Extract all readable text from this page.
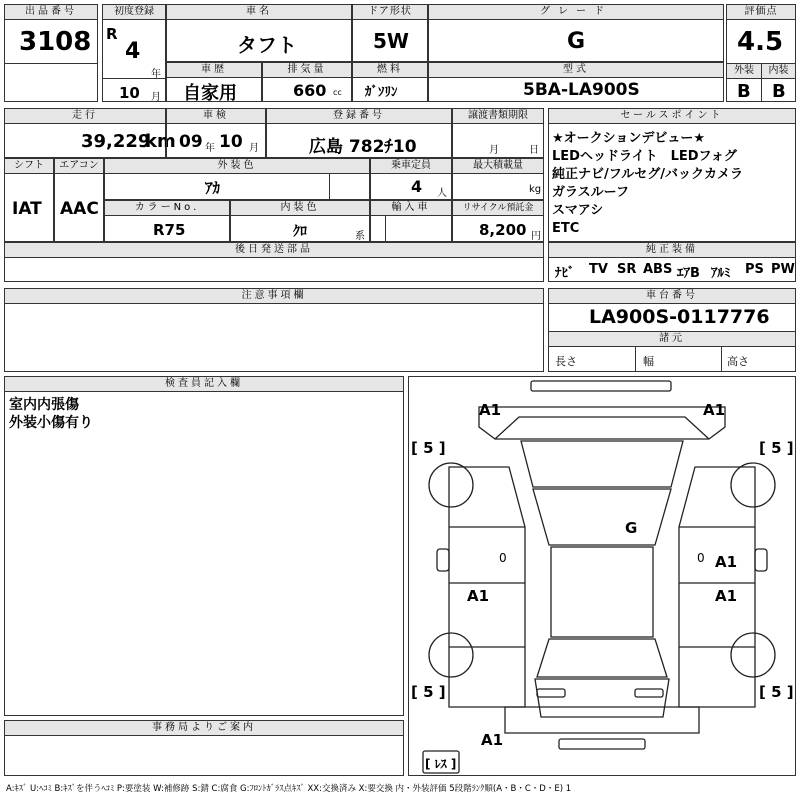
出品番号
3108
初度登録
R
4
年
10 月
車名
タフト
ドア形状
5W
グレード
G
評価点
4.5
外装	内装
B B
車歴
自家用
排気量
660 cc
燃料
ｶﾞｿﾘﾝ
型式
5BA-LA900S
走行
39,229
km
車検
09 年 10 月
登録番号
広島 782ﾁ10
譲渡書類期限
月	日
シフト
IAT
エアコン
AAC
外装色
ｱｶ
乗車定員
4 人
最大積載量
kg
カラーNo.
R75
内装色
ｸﾛ	系
輸入車	リサイクル預託金
8,200 円
後日発送部品
セールスポイント
★オークションデビュー★
LEDヘッドライト　LEDフォグ
純正ナビ/フルセグ/バックカメラ
ガラスルーフ
スマアシ
ETC
純正装備
ﾅﾋﾞ TV SR ABS ｴｱB ｱﾙﾐ PS PW
注意事項欄	車台番号
LA900S-0117776
諸元
長さ	幅	高さ
検査員記入欄
室内内張傷
外装小傷有り
事務局よりご案内
A1	A1
[ 5 ]	[ 5 ]
G
0	0 A1
A1	A1
[ 5 ]	[ 5 ]
A1
[ ﾚｽ ]
A:ｷｽﾞ U:ﾍｺﾐ B:ｷｽﾞを伴うﾍｺﾐ P:要塗装 W:補修跡 S:錆 C:腐食 G:ﾌﾛﾝﾄｶﾞﾗｽ点ｷｽﾞ XX:交換済み X:要交換 内・外装評価 5段階ﾗﾝｸ順(A・B・C・D・E) 1
